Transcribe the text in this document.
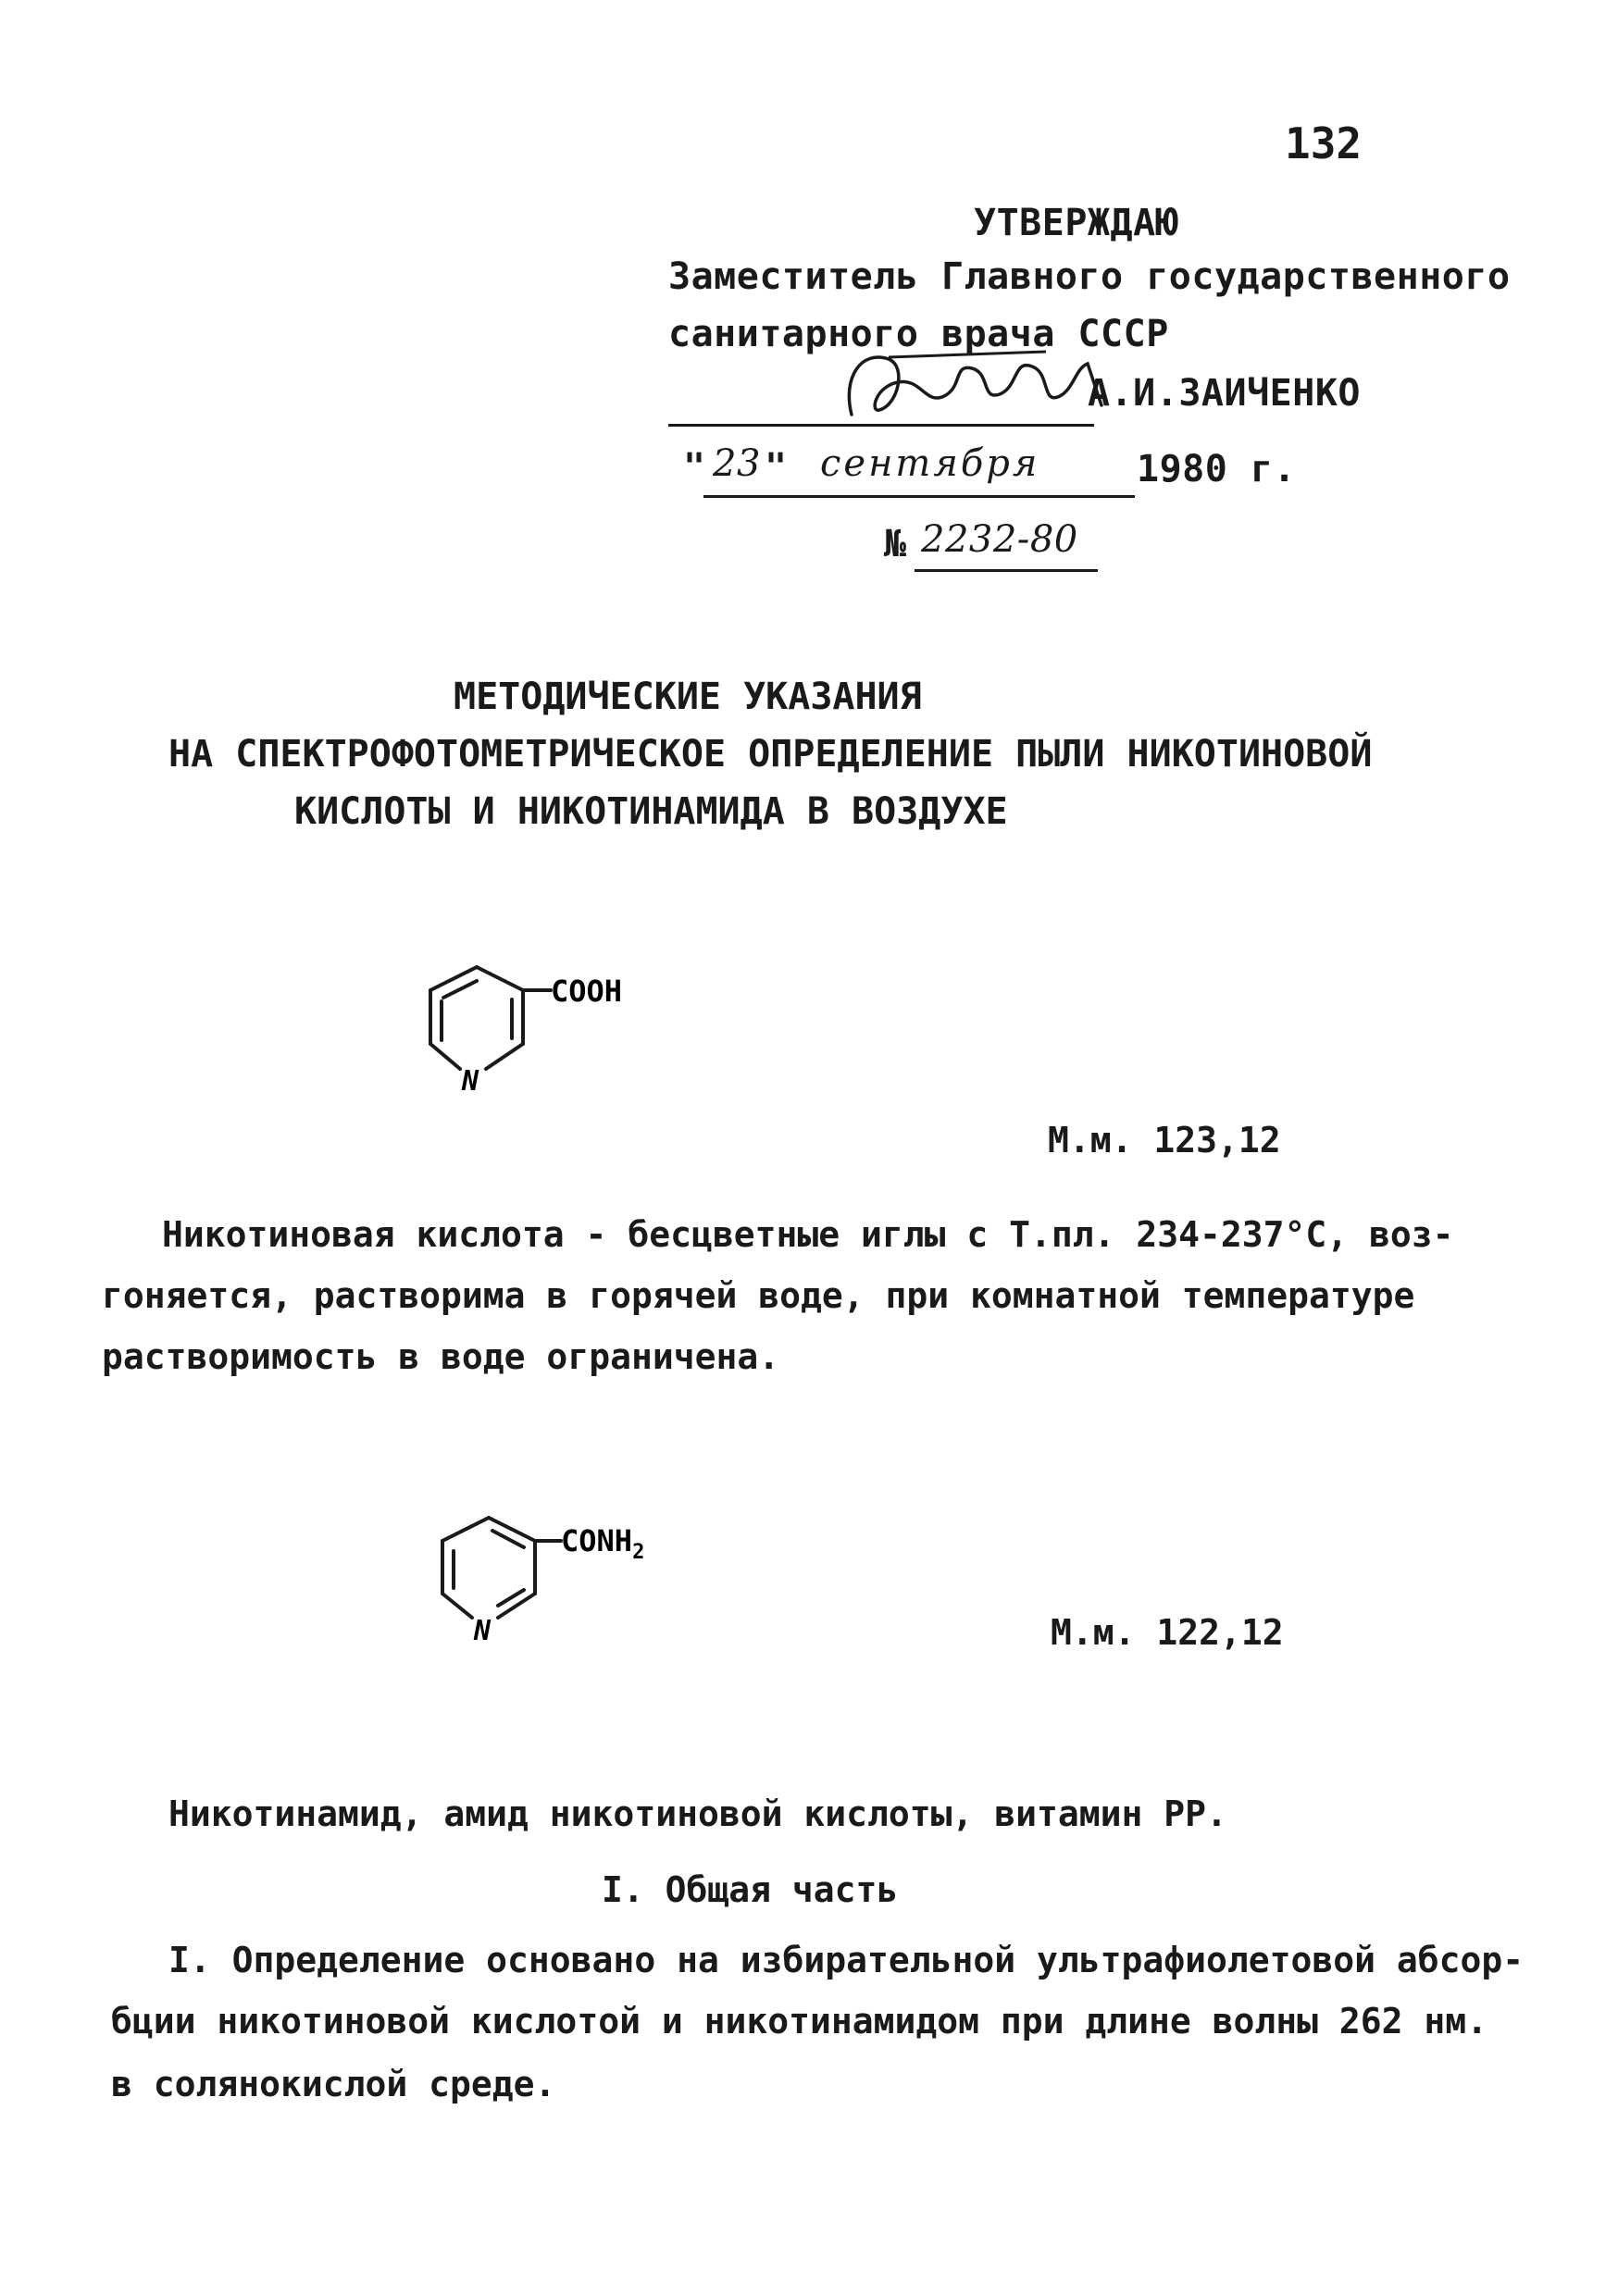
132
УТВЕРЖДАЮ
Заместитель Главного государственного
санитарного врача СССР
А.И.ЗАИЧЕНКО
" 23 " сентября	1980 г.
№ 2232-80
МЕТОДИЧЕСКИЕ УКАЗАНИЯ
НА СПЕКТРОФОТОМЕТРИЧЕСКОЕ ОПРЕДЕЛЕНИЕ ПЫЛИ НИКОТИНОВОЙ
КИСЛОТЫ И НИКОТИНАМИДА В ВОЗДУХЕ
N
COOH
М.м. 123,12
Никотиновая кислота - бесцветные иглы с Т.пл. 234-237°С, воз-
гоняется, растворима в горячей воде, при комнатной температуре
растворимость в воде ограничена.
N
$CONH_2$
М.м. 122,12
Никотинамид, амид никотиновой кислоты, витамин РР.
I. Общая часть
I. Определение основано на избирательной ультрафиолетовой абсор-
бции никотиновой кислотой и никотинамидом при длине волны 262 нм.
в солянокислой среде.
